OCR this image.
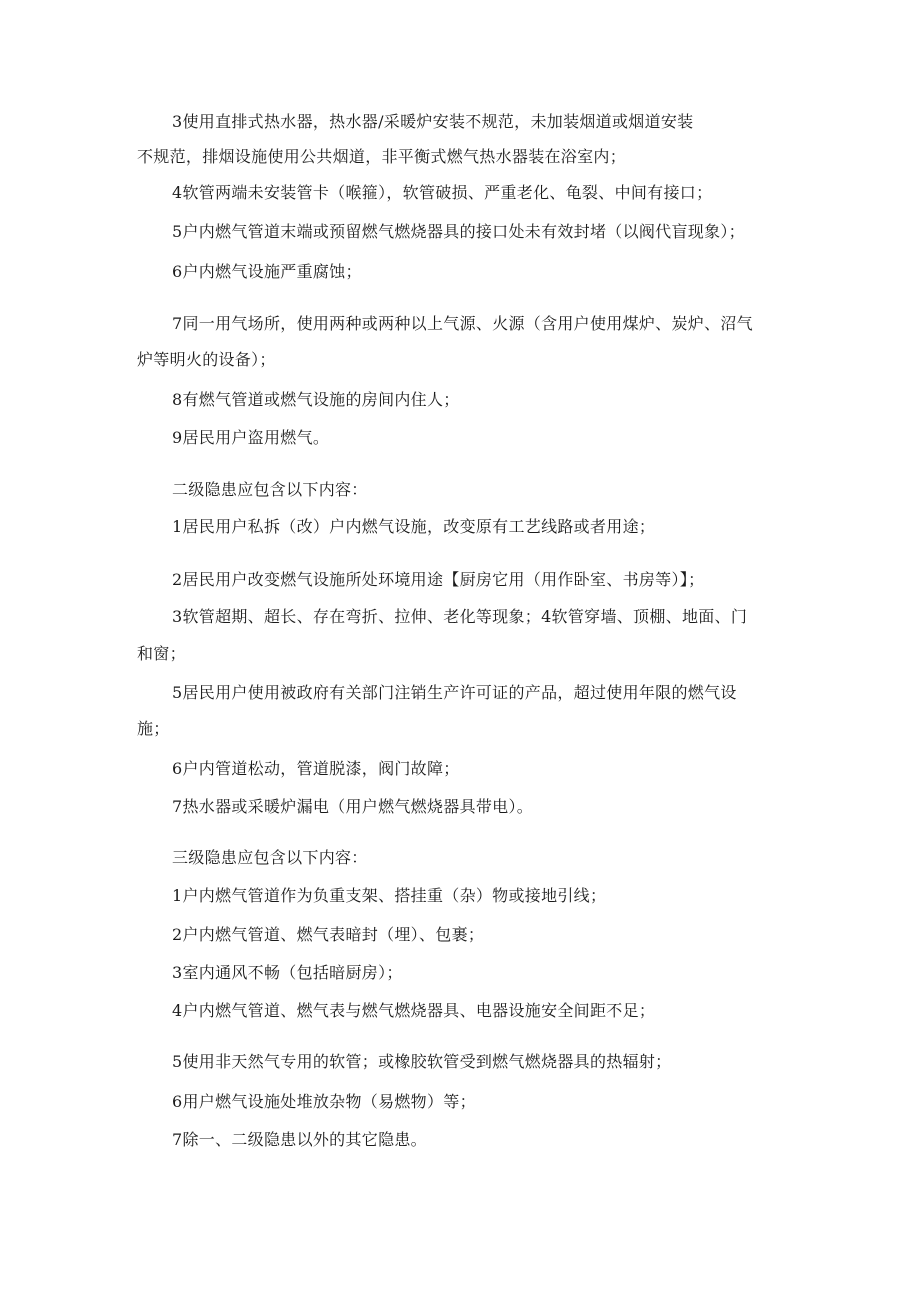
3使用直排式热水器，热水器/采暖炉安装不规范，未加装烟道或烟道安装
不规范，排烟设施使用公共烟道，非平衡式燃气热水器装在浴室内；
4软管两端未安装管卡（喉箍），软管破损、严重老化、龟裂、中间有接口；
5户内燃气管道末端或预留燃气燃烧器具的接口处未有效封堵（以阀代盲现象）；
6户内燃气设施严重腐蚀；
7同一用气场所，使用两种或两种以上气源、火源（含用户使用煤炉、炭炉、沼气
炉等明火的设备）；
8有燃气管道或燃气设施的房间内住人；
9居民用户盗用燃气。
二级隐患应包含以下内容：
1居民用户私拆（改）户内燃气设施，改变原有工艺线路或者用途；
2居民用户改变燃气设施所处环境用途【厨房它用（用作卧室、书房等）】；
3软管超期、超长、存在弯折、拉伸、老化等现象；4软管穿墙、顶棚、地面、门
和窗；
5居民用户使用被政府有关部门注销生产许可证的产品，超过使用年限的燃气设
施；
6户内管道松动，管道脱漆，阀门故障；
7热水器或采暖炉漏电（用户燃气燃烧器具带电）。
三级隐患应包含以下内容：
1户内燃气管道作为负重支架、搭挂重（杂）物或接地引线；
2户内燃气管道、燃气表暗封（埋）、包裹；
3室内通风不畅（包括暗厨房）；
4户内燃气管道、燃气表与燃气燃烧器具、电器设施安全间距不足；
5使用非天然气专用的软管；或橡胶软管受到燃气燃烧器具的热辐射；
6用户燃气设施处堆放杂物（易燃物）等；
7除一、二级隐患以外的其它隐患。
